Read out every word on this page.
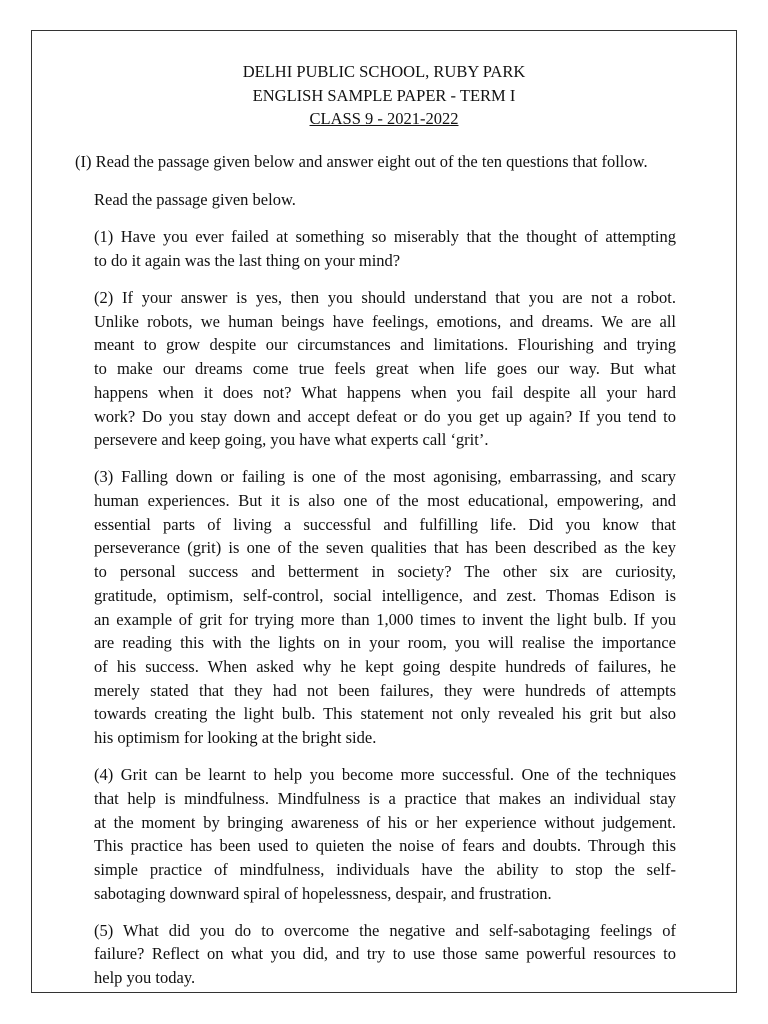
DELHI PUBLIC SCHOOL, RUBY PARK
ENGLISH SAMPLE PAPER - TERM I
CLASS 9 - 2021-2022
(I) Read the passage given below and answer eight out of the ten questions that follow.
Read the passage given below.
(1) Have you ever failed at something so miserably that the thought of attempting
to do it again was the last thing on your mind?
(2) If your answer is yes, then you should understand that you are not a robot.
Unlike robots, we human beings have feelings, emotions, and dreams. We are all
meant to grow despite our circumstances and limitations. Flourishing and trying
to make our dreams come true feels great when life goes our way. But what
happens when it does not? What happens when you fail despite all your hard
work? Do you stay down and accept defeat or do you get up again? If you tend to
persevere and keep going, you have what experts call ‘grit’.
(3) Falling down or failing is one of the most agonising, embarrassing, and scary
human experiences. But it is also one of the most educational, empowering, and
essential parts of living a successful and fulfilling life. Did you know that
perseverance (grit) is one of the seven qualities that has been described as the key
to personal success and betterment in society? The other six are curiosity,
gratitude, optimism, self-control, social intelligence, and zest. Thomas Edison is
an example of grit for trying more than 1,000 times to invent the light bulb. If you
are reading this with the lights on in your room, you will realise the importance
of his success. When asked why he kept going despite hundreds of failures, he
merely stated that they had not been failures, they were hundreds of attempts
towards creating the light bulb. This statement not only revealed his grit but also
his optimism for looking at the bright side.
(4) Grit can be learnt to help you become more successful. One of the techniques
that help is mindfulness. Mindfulness is a practice that makes an individual stay
at the moment by bringing awareness of his or her experience without judgement.
This practice has been used to quieten the noise of fears and doubts. Through this
simple practice of mindfulness, individuals have the ability to stop the self-
sabotaging downward spiral of hopelessness, despair, and frustration.
(5) What did you do to overcome the negative and self-sabotaging feelings of
failure? Reflect on what you did, and try to use those same powerful resources to
help you today.
